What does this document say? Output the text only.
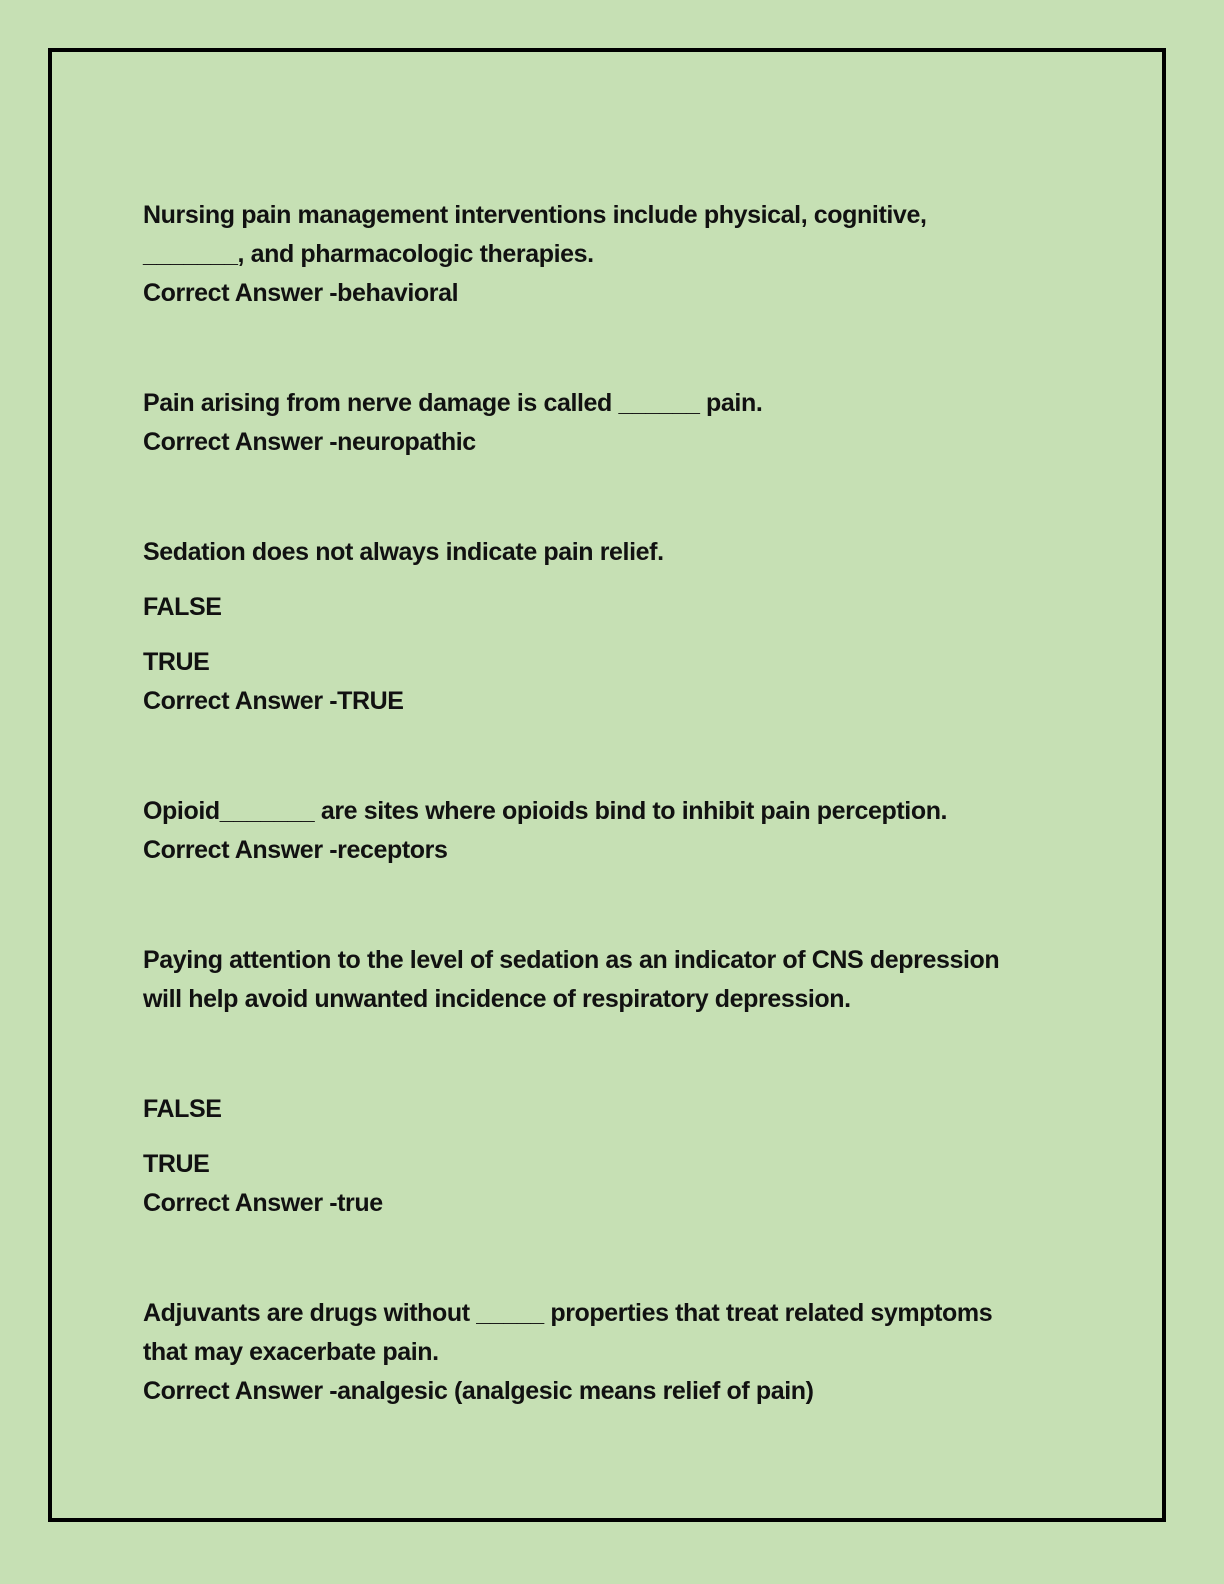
Nursing pain management interventions include physical, cognitive,
_______, and pharmacologic therapies.
Correct Answer -behavioral
Pain arising from nerve damage is called ______ pain.
Correct Answer -neuropathic
Sedation does not always indicate pain relief.
FALSE
TRUE
Correct Answer -TRUE
Opioid_______ are sites where opioids bind to inhibit pain perception.
Correct Answer -receptors
Paying attention to the level of sedation as an indicator of CNS depression
will help avoid unwanted incidence of respiratory depression.
FALSE
TRUE
Correct Answer -true
Adjuvants are drugs without _____ properties that treat related symptoms
that may exacerbate pain.
Correct Answer -analgesic (analgesic means relief of pain)
